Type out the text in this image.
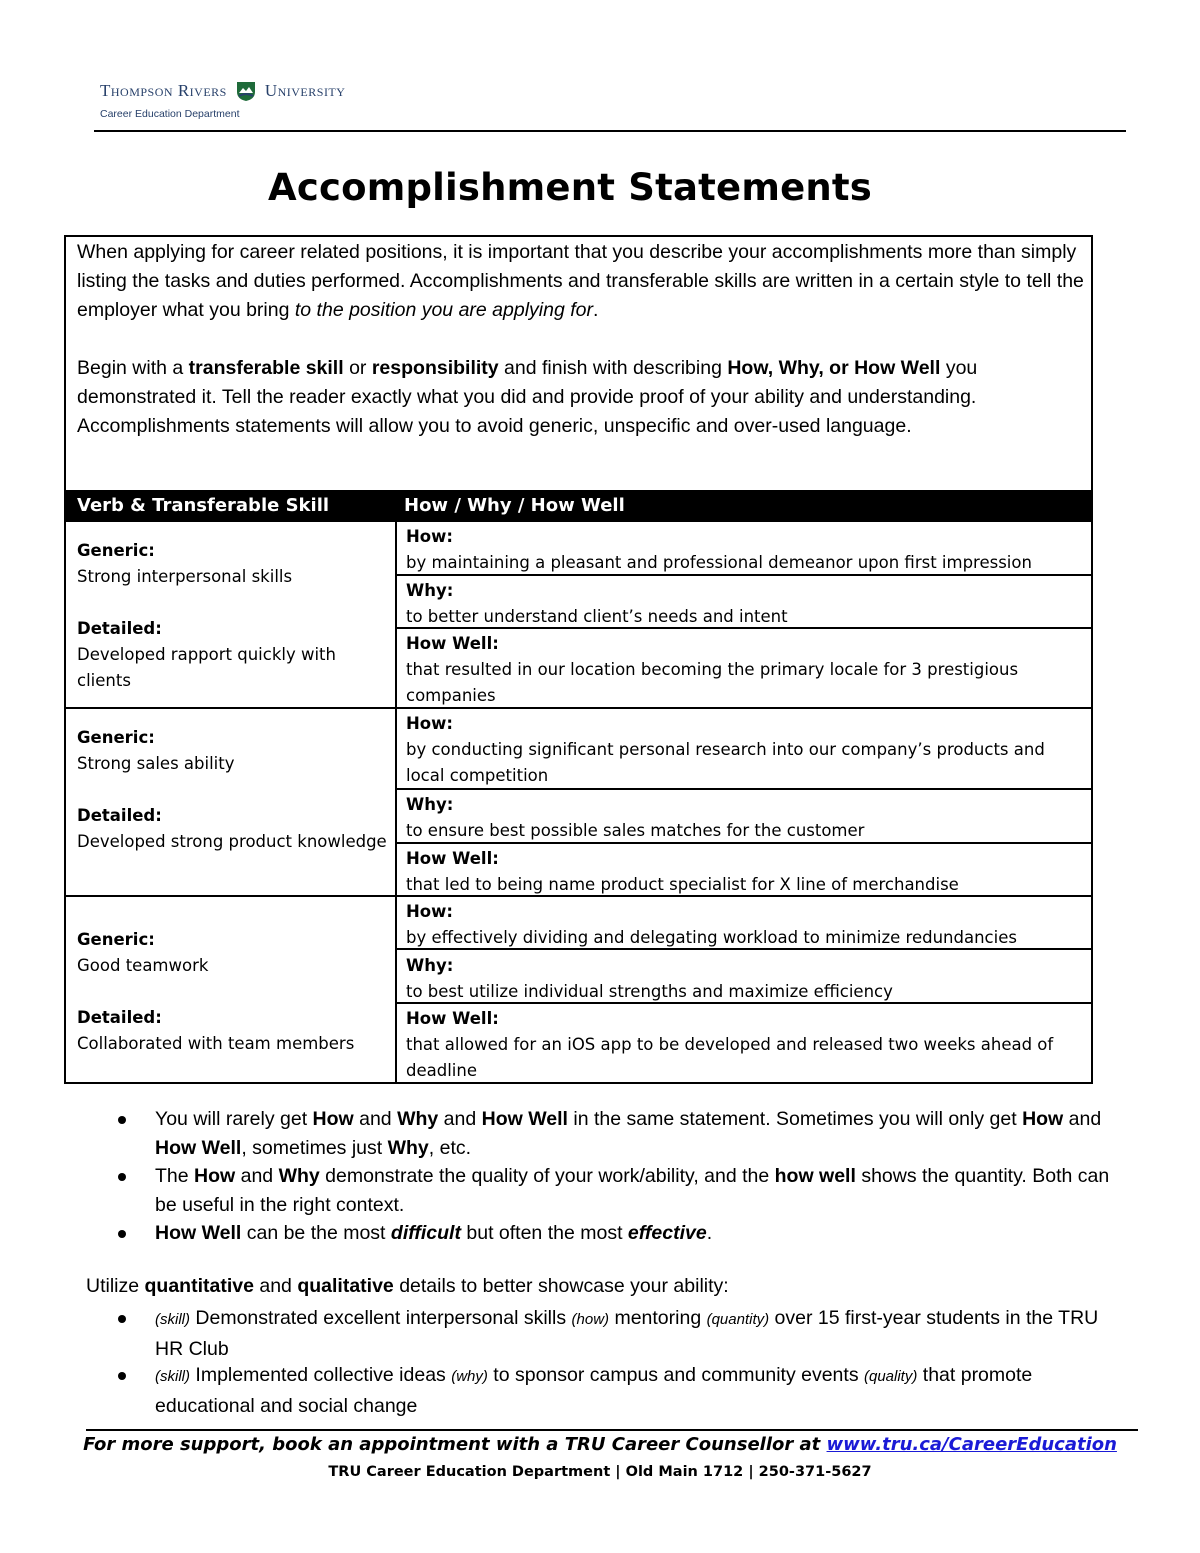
Thompson Rivers University
Career Education Department
Accomplishment Statements

When applying for career related positions, it is important that you describe your accomplishments more than simply listing the tasks and duties performed. Accomplishments and transferable skills are written in a certain style to tell the employer what you bring to the position you are applying for.

Begin with a transferable skill or responsibility and finish with describing How, Why, or How Well you demonstrated it. Tell the reader exactly what you did and provide proof of your ability and understanding. Accomplishments statements will allow you to avoid generic, unspecific and over-used language.

Verb & Transferable Skill	How / Why / How Well
Generic:
Strong interpersonal skills

Detailed:
Developed rapport quickly with clients
How:
by maintaining a pleasant and professional demeanor upon first impression
Why:
to better understand client’s needs and intent
How Well:
that resulted in our location becoming the primary locale for 3 prestigious companies
Generic:
Strong sales ability

Detailed:
Developed strong product knowledge
How:
by conducting significant personal research into our company’s products and local competition
Why:
to ensure best possible sales matches for the customer
How Well:
that led to being name product specialist for X line of merchandise
Generic:
Good teamwork

Detailed:
Collaborated with team members
How:
by effectively dividing and delegating workload to minimize redundancies
Why:
to best utilize individual strengths and maximize efficiency
How Well:
that allowed for an iOS app to be developed and released two weeks ahead of deadline
You will rarely get How and Why and How Well in the same statement. Sometimes you will only get How and How Well, sometimes just Why, etc.
The How and Why demonstrate the quality of your work/ability, and the how well shows the quantity. Both can be useful in the right context.
How Well can be the most difficult but often the most effective.
Utilize quantitative and qualitative details to better showcase your ability:
(skill) Demonstrated excellent interpersonal skills (how) mentoring (quantity) over 15 first-year students in the TRU HR Club
(skill) Implemented collective ideas (why) to sponsor campus and community events (quality) that promote educational and social change
For more support, book an appointment with a TRU Career Counsellor at www.tru.ca/CareerEducation
TRU Career Education Department | Old Main 1712 | 250-371-5627
